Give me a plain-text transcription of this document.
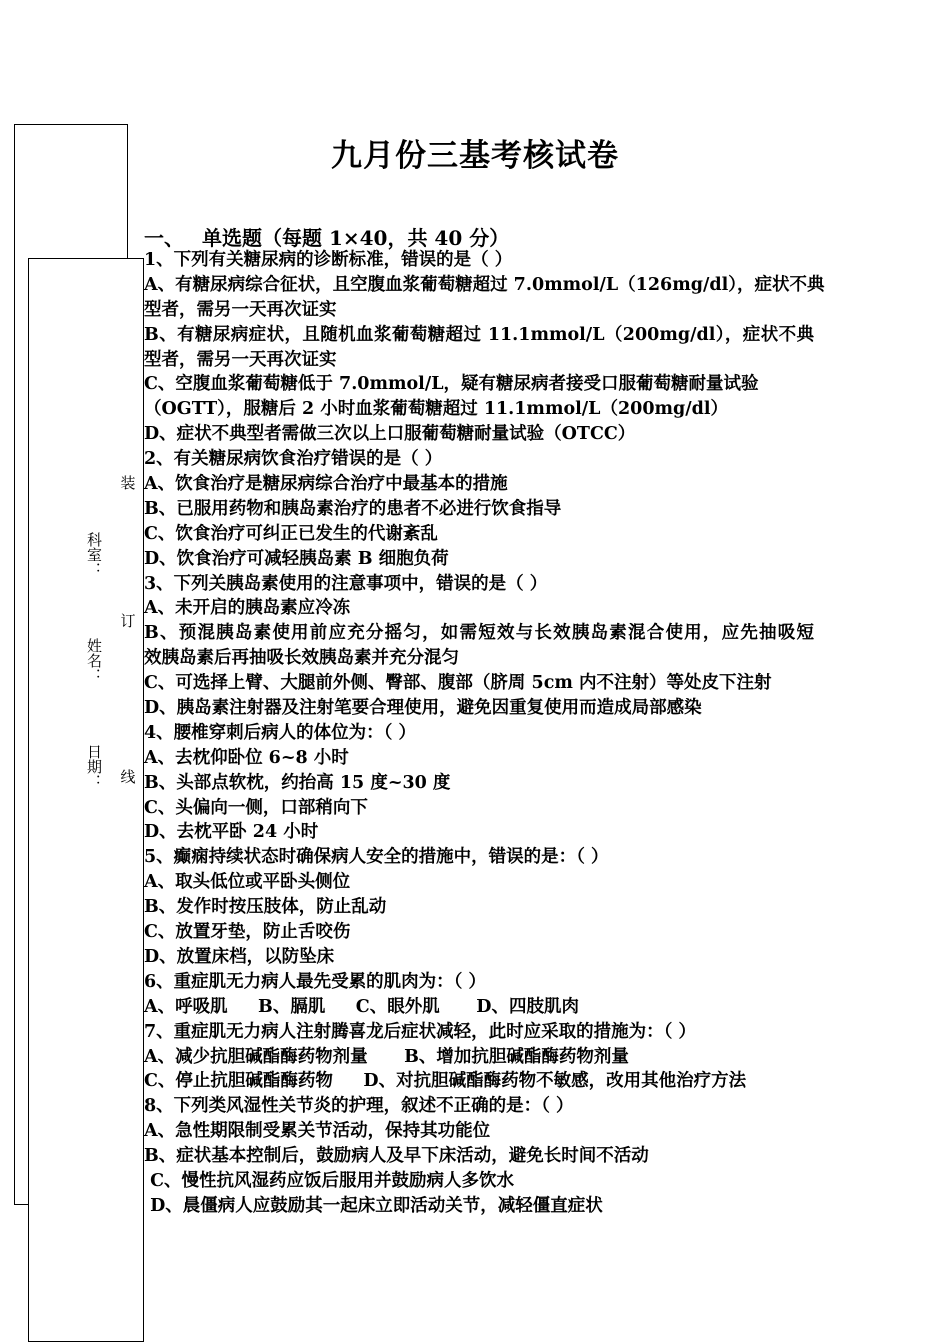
科室：
姓名：
日期：
装
订
线
九月份三基考核试卷
一、 单选题（每题 1×40，共 40 分）
1、下列有关糖尿病的诊断标准，错误的是（ ）
A、有糖尿病综合征状，且空腹血浆葡萄糖超过 7.0mmol/L（126mg/dl），症状不典
型者，需另一天再次证实
B、有糖尿病症状，且随机血浆葡萄糖超过 11.1mmol/L（200mg/dl），症状不典
型者，需另一天再次证实
C、空腹血浆葡萄糖低于 7.0mmol/L，疑有糖尿病者接受口服葡萄糖耐量试验
（OGTT），服糖后 2 小时血浆葡萄糖超过 11.1mmol/L（200mg/dl）
D、症状不典型者需做三次以上口服葡萄糖耐量试验（OTCC）
2、有关糖尿病饮食治疗错误的是（ ）
A、饮食治疗是糖尿病综合治疗中最基本的措施
B、已服用药物和胰岛素治疗的患者不必进行饮食指导
C、饮食治疗可纠正已发生的代谢紊乱
D、饮食治疗可减轻胰岛素 B 细胞负荷
3、下列关胰岛素使用的注意事项中，错误的是（ ）
A、未开启的胰岛素应冷冻
B、预混胰岛素使用前应充分摇匀，如需短效与长效胰岛素混合使用，应先抽吸短
效胰岛素后再抽吸长效胰岛素并充分混匀
C、可选择上臂、大腿前外侧、臀部、腹部（脐周 5cm 内不注射）等处皮下注射
D、胰岛素注射器及注射笔要合理使用，避免因重复使用而造成局部感染
4、腰椎穿刺后病人的体位为：（ ）
A、去枕仰卧位 6~8 小时
B、头部点软枕，约抬高 15 度~30 度
C、头偏向一侧，口部稍向下
D、去枕平卧 24 小时
5、癫痫持续状态时确保病人安全的措施中，错误的是：（ ）
A、取头低位或平卧头侧位
B、发作时按压肢体，防止乱动
C、放置牙垫，防止舌咬伤
D、放置床档，以防坠床
6、重症肌无力病人最先受累的肌肉为：（ ）
A、呼吸肌     B、膈肌     C、眼外肌      D、四肢肌肉
7、重症肌无力病人注射腾喜龙后症状减轻，此时应采取的措施为：（ ）
A、减少抗胆碱酯酶药物剂量      B、增加抗胆碱酯酶药物剂量
C、停止抗胆碱酯酶药物     D、对抗胆碱酯酶药物不敏感，改用其他治疗方法
8、下列类风湿性关节炎的护理，叙述不正确的是：（ ）
A、急性期限制受累关节活动，保持其功能位
B、症状基本控制后，鼓励病人及早下床活动，避免长时间不活动
C、慢性抗风湿药应饭后服用并鼓励病人多饮水
D、晨僵病人应鼓励其一起床立即活动关节，减轻僵直症状
